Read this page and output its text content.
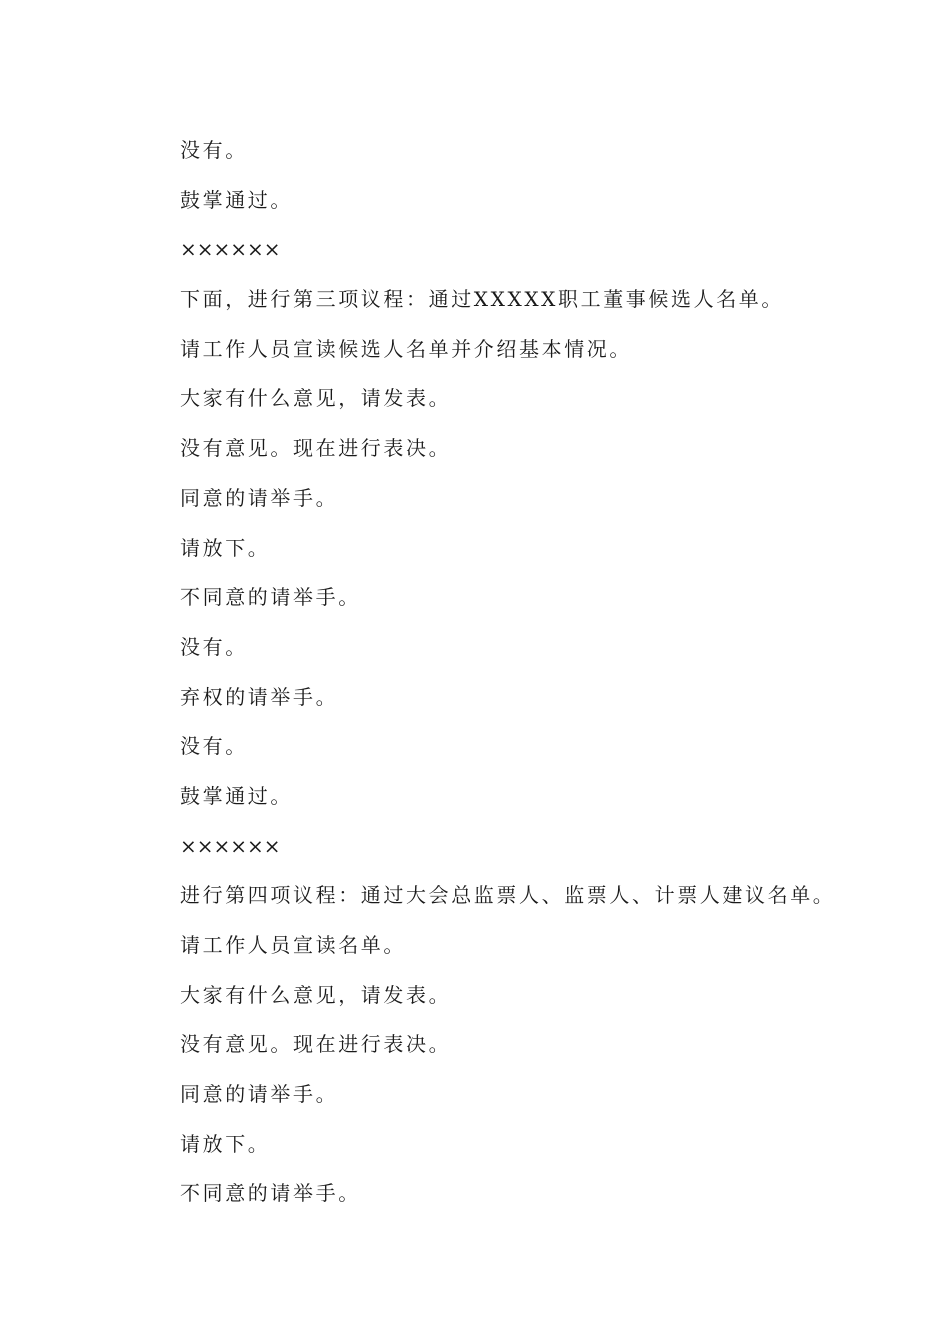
没有。
鼓掌通过。
××××××
下面，进行第三项议程：通过XXXXX职工董事候选人名单。
请工作人员宣读候选人名单并介绍基本情况。
大家有什么意见，请发表。
没有意见。现在进行表决。
同意的请举手。
请放下。
不同意的请举手。
没有。
弃权的请举手。
没有。
鼓掌通过。
××××××
进行第四项议程：通过大会总监票人、监票人、计票人建议名单。
请工作人员宣读名单。
大家有什么意见，请发表。
没有意见。现在进行表决。
同意的请举手。
请放下。
不同意的请举手。
